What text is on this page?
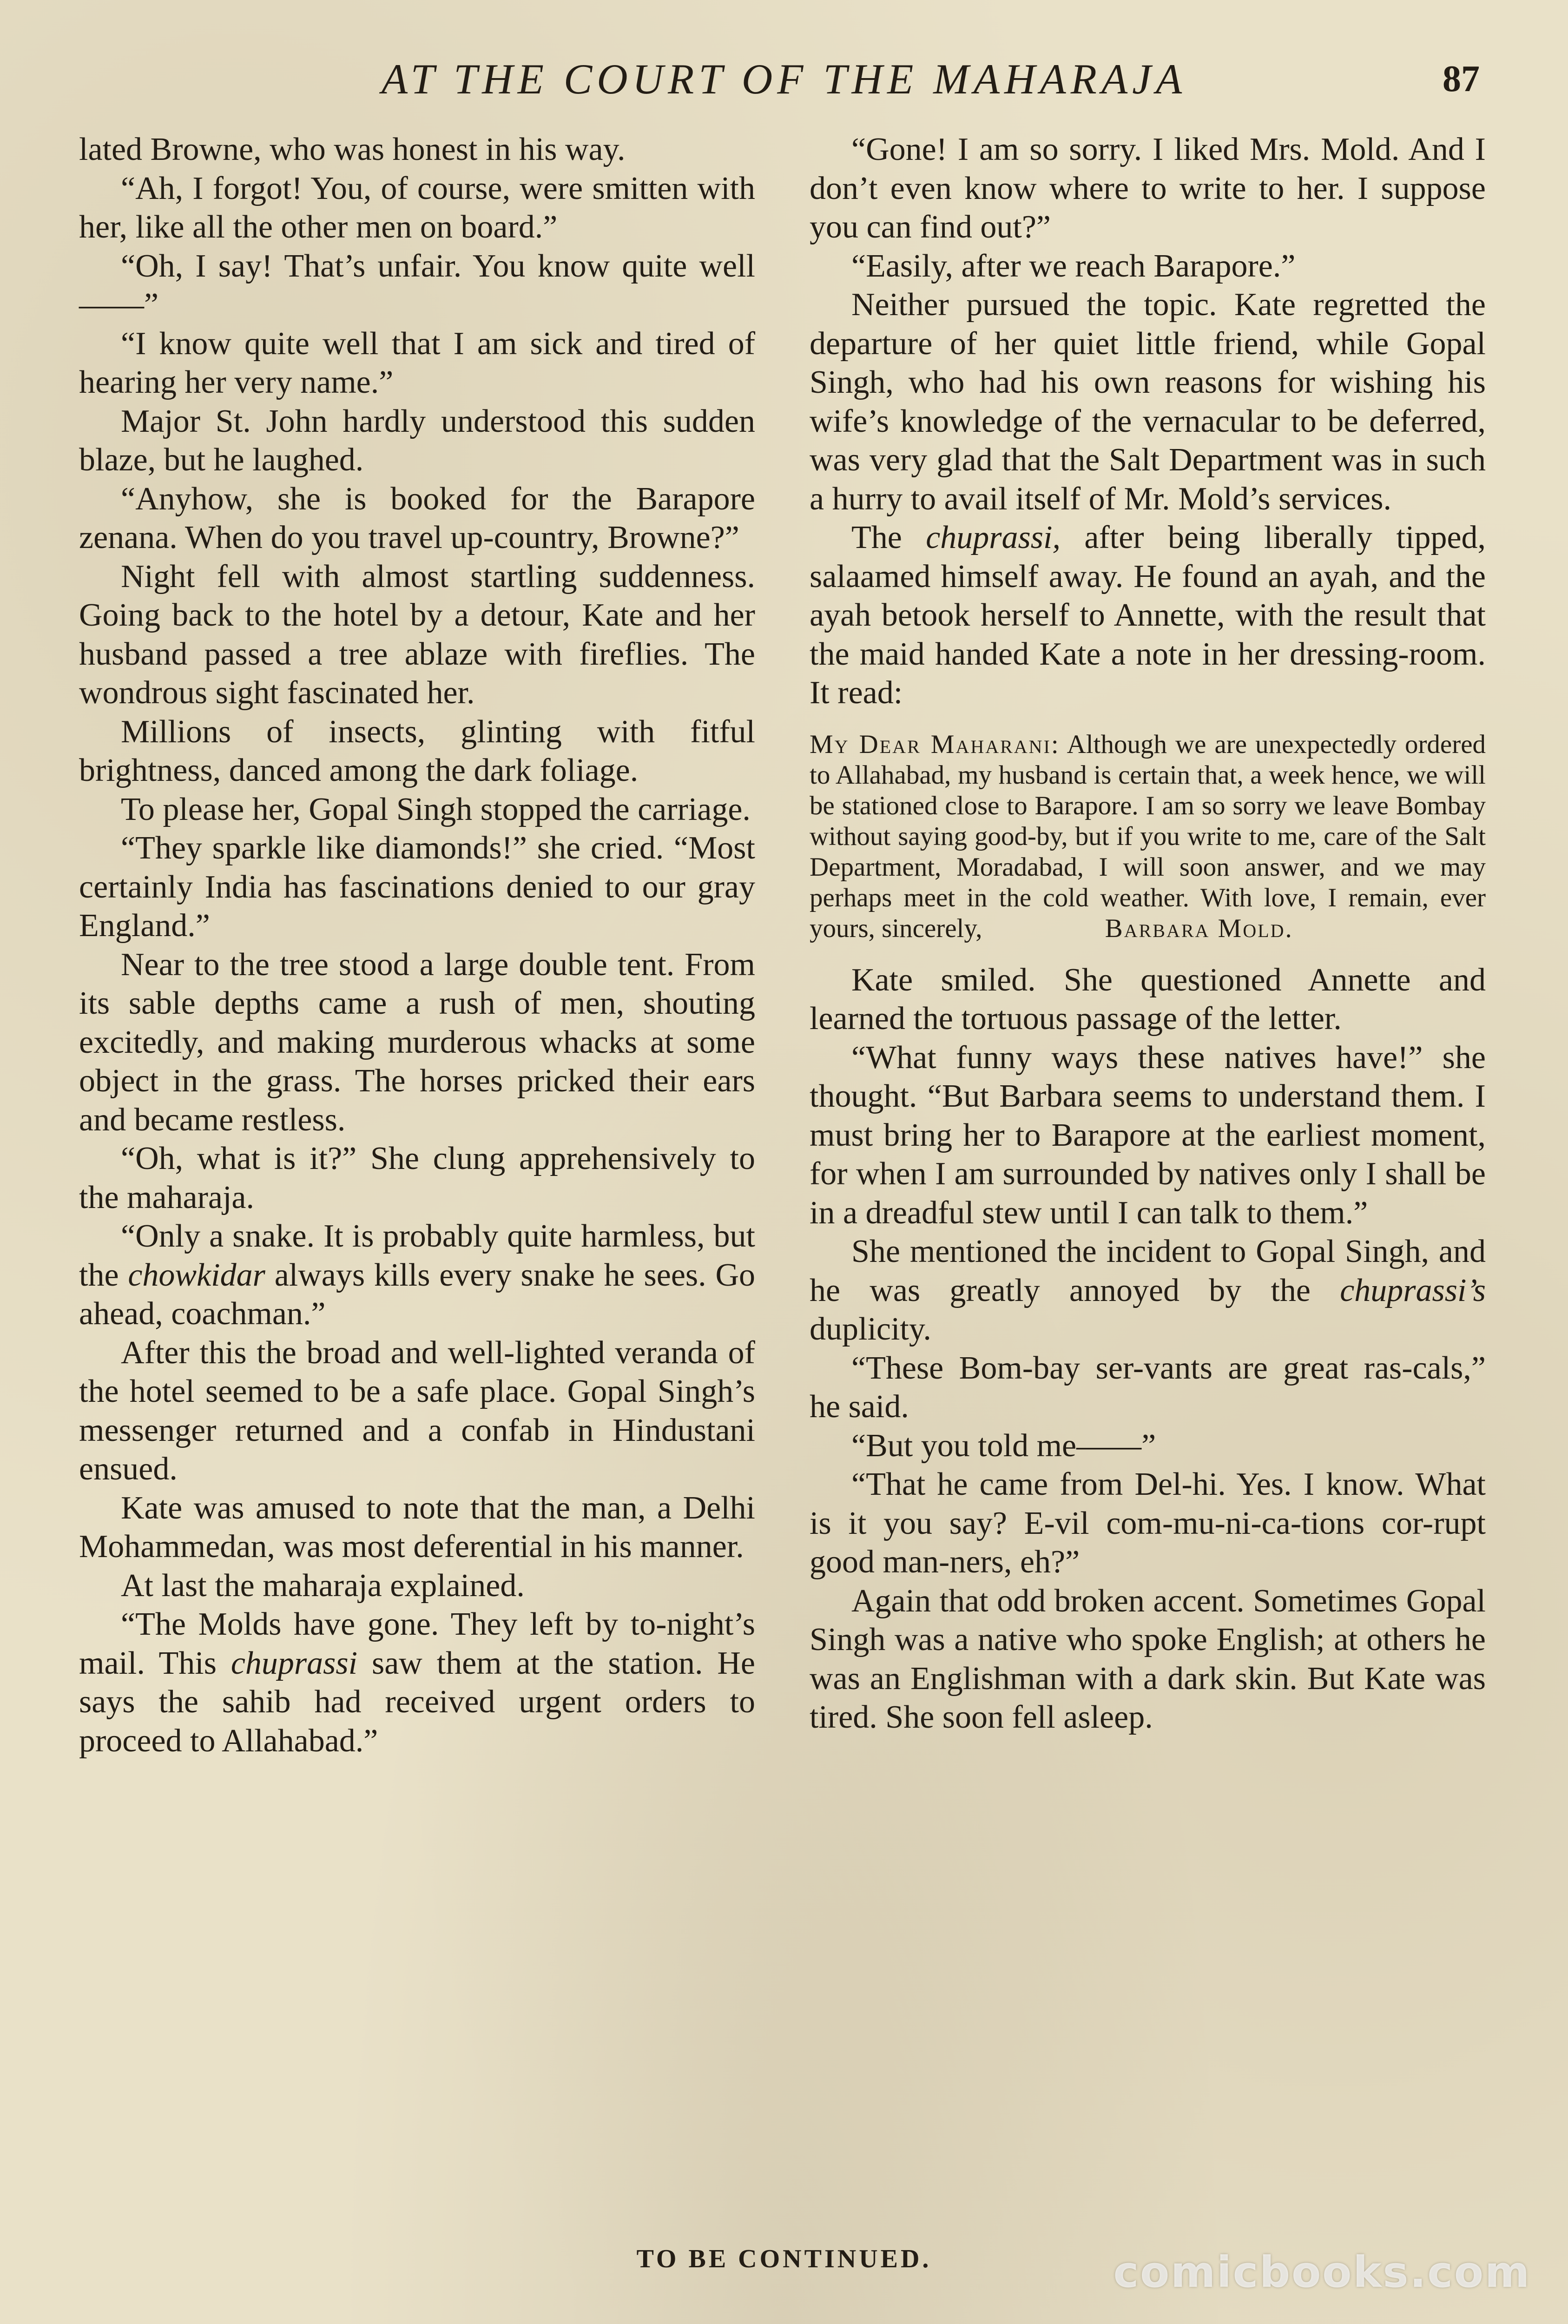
AT THE COURT OF THE MAHARAJA	87

lated Browne, who was honest in his way.

“Ah, I forgot! You, of course, were smitten with her, like all the other men on board.”

“Oh, I say! That’s unfair. You know quite well——”

“I know quite well that I am sick and tired of hearing her very name.”

Major St. John hardly understood this sudden blaze, but he laughed.

“Anyhow, she is booked for the Barapore zenana. When do you travel up-country, Browne?”

Night fell with almost startling suddenness. Going back to the hotel by a detour, Kate and her husband passed a tree ablaze with fireflies. The wondrous sight fascinated her.

Millions of insects, glinting with fitful brightness, danced among the dark foliage.

To please her, Gopal Singh stopped the carriage.

“They sparkle like diamonds!” she cried. “Most certainly India has fascinations denied to our gray England.”

Near to the tree stood a large double tent. From its sable depths came a rush of men, shouting excitedly, and making murderous whacks at some object in the grass. The horses pricked their ears and became restless.

“Oh, what is it?” She clung apprehensively to the maharaja.

“Only a snake. It is probably quite harmless, but the chowkidar always kills every snake he sees. Go ahead, coachman.”

After this the broad and well-lighted veranda of the hotel seemed to be a safe place. Gopal Singh’s messenger returned and a confab in Hindustani ensued.

Kate was amused to note that the man, a Delhi Mohammedan, was most deferential in his manner.

At last the maharaja explained.

“The Molds have gone. They left by to-night’s mail. This chuprassi saw them at the station. He says the sahib had received urgent orders to proceed to Allahabad.”

“Gone! I am so sorry. I liked Mrs. Mold. And I don’t even know where to write to her. I suppose you can find out?”

“Easily, after we reach Barapore.”

Neither pursued the topic. Kate regretted the departure of her quiet little friend, while Gopal Singh, who had his own reasons for wishing his wife’s knowledge of the vernacular to be deferred, was very glad that the Salt Department was in such a hurry to avail itself of Mr. Mold’s services.

The chuprassi, after being liberally tipped, salaamed himself away. He found an ayah, and the ayah betook herself to Annette, with the result that the maid handed Kate a note in her dressing-room. It read:

My Dear Maharani: Although we are unexpectedly ordered to Allahabad, my husband is certain that, a week hence, we will be stationed close to Barapore. I am so sorry we leave Bombay without saying good-by, but if you write to me, care of the Salt Department, Moradabad, I will soon answer, and we may perhaps meet in the cold weather. With love, I remain, ever yours, sincerely,	Barbara Mold.

Kate smiled. She questioned Annette and learned the tortuous passage of the letter.

“What funny ways these natives have!” she thought. “But Barbara seems to understand them. I must bring her to Barapore at the earliest moment, for when I am surrounded by natives only I shall be in a dreadful stew until I can talk to them.”

She mentioned the incident to Gopal Singh, and he was greatly annoyed by the chuprassi’s duplicity.

“These Bom-bay ser-vants are great ras-cals,” he said.

“But you told me——”

“That he came from Del-hi. Yes. I know. What is it you say? E-vil com-mu-ni-ca-tions cor-rupt good man-ners, eh?”

Again that odd broken accent. Sometimes Gopal Singh was a native who spoke English; at others he was an Englishman with a dark skin. But Kate was tired. She soon fell asleep.

TO BE CONTINUED.	comicbooks.com
